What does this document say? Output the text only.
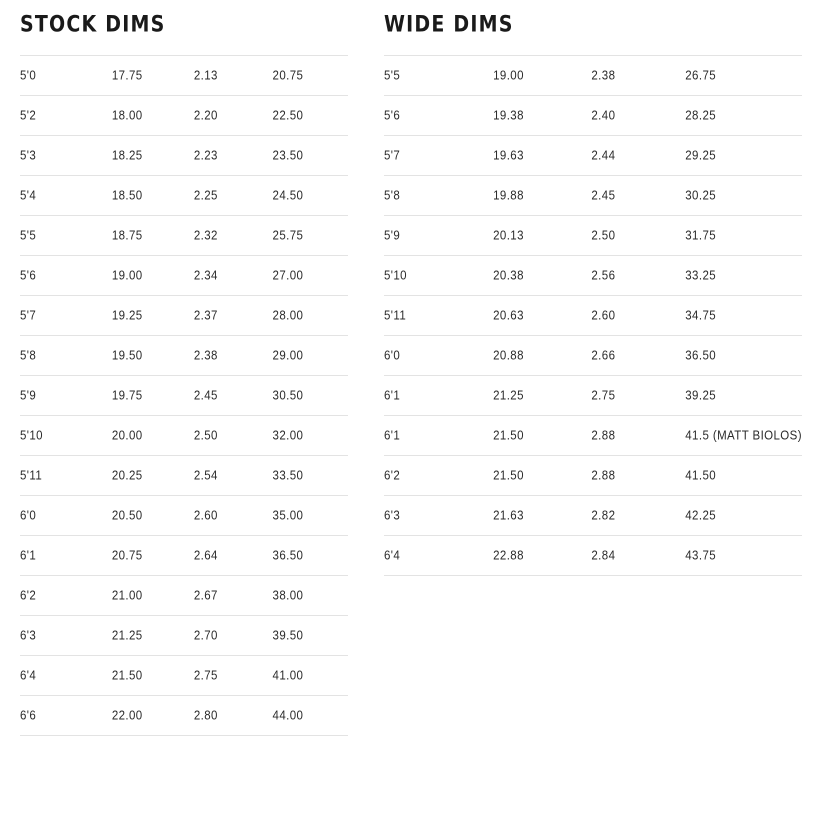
STOCK DIMS
5'0	17.75	2.13	20.75
5'2	18.00	2.20	22.50
5'3	18.25	2.23	23.50
5'4	18.50	2.25	24.50
5'5	18.75	2.32	25.75
5'6	19.00	2.34	27.00
5'7	19.25	2.37	28.00
5'8	19.50	2.38	29.00
5'9	19.75	2.45	30.50
5'10	20.00	2.50	32.00
5'11	20.25	2.54	33.50
6'0	20.50	2.60	35.00
6'1	20.75	2.64	36.50
6'2	21.00	2.67	38.00
6'3	21.25	2.70	39.50
6'4	21.50	2.75	41.00
6'6	22.00	2.80	44.00
WIDE DIMS
5'5	19.00	2.38	26.75
5'6	19.38	2.40	28.25
5'7	19.63	2.44	29.25
5'8	19.88	2.45	30.25
5'9	20.13	2.50	31.75
5'10	20.38	2.56	33.25
5'11	20.63	2.60	34.75
6'0	20.88	2.66	36.50
6'1	21.25	2.75	39.25
6'1	21.50	2.88	41.5 (MATT BIOLOS)
6'2	21.50	2.88	41.50
6'3	21.63	2.82	42.25
6'4	22.88	2.84	43.75
